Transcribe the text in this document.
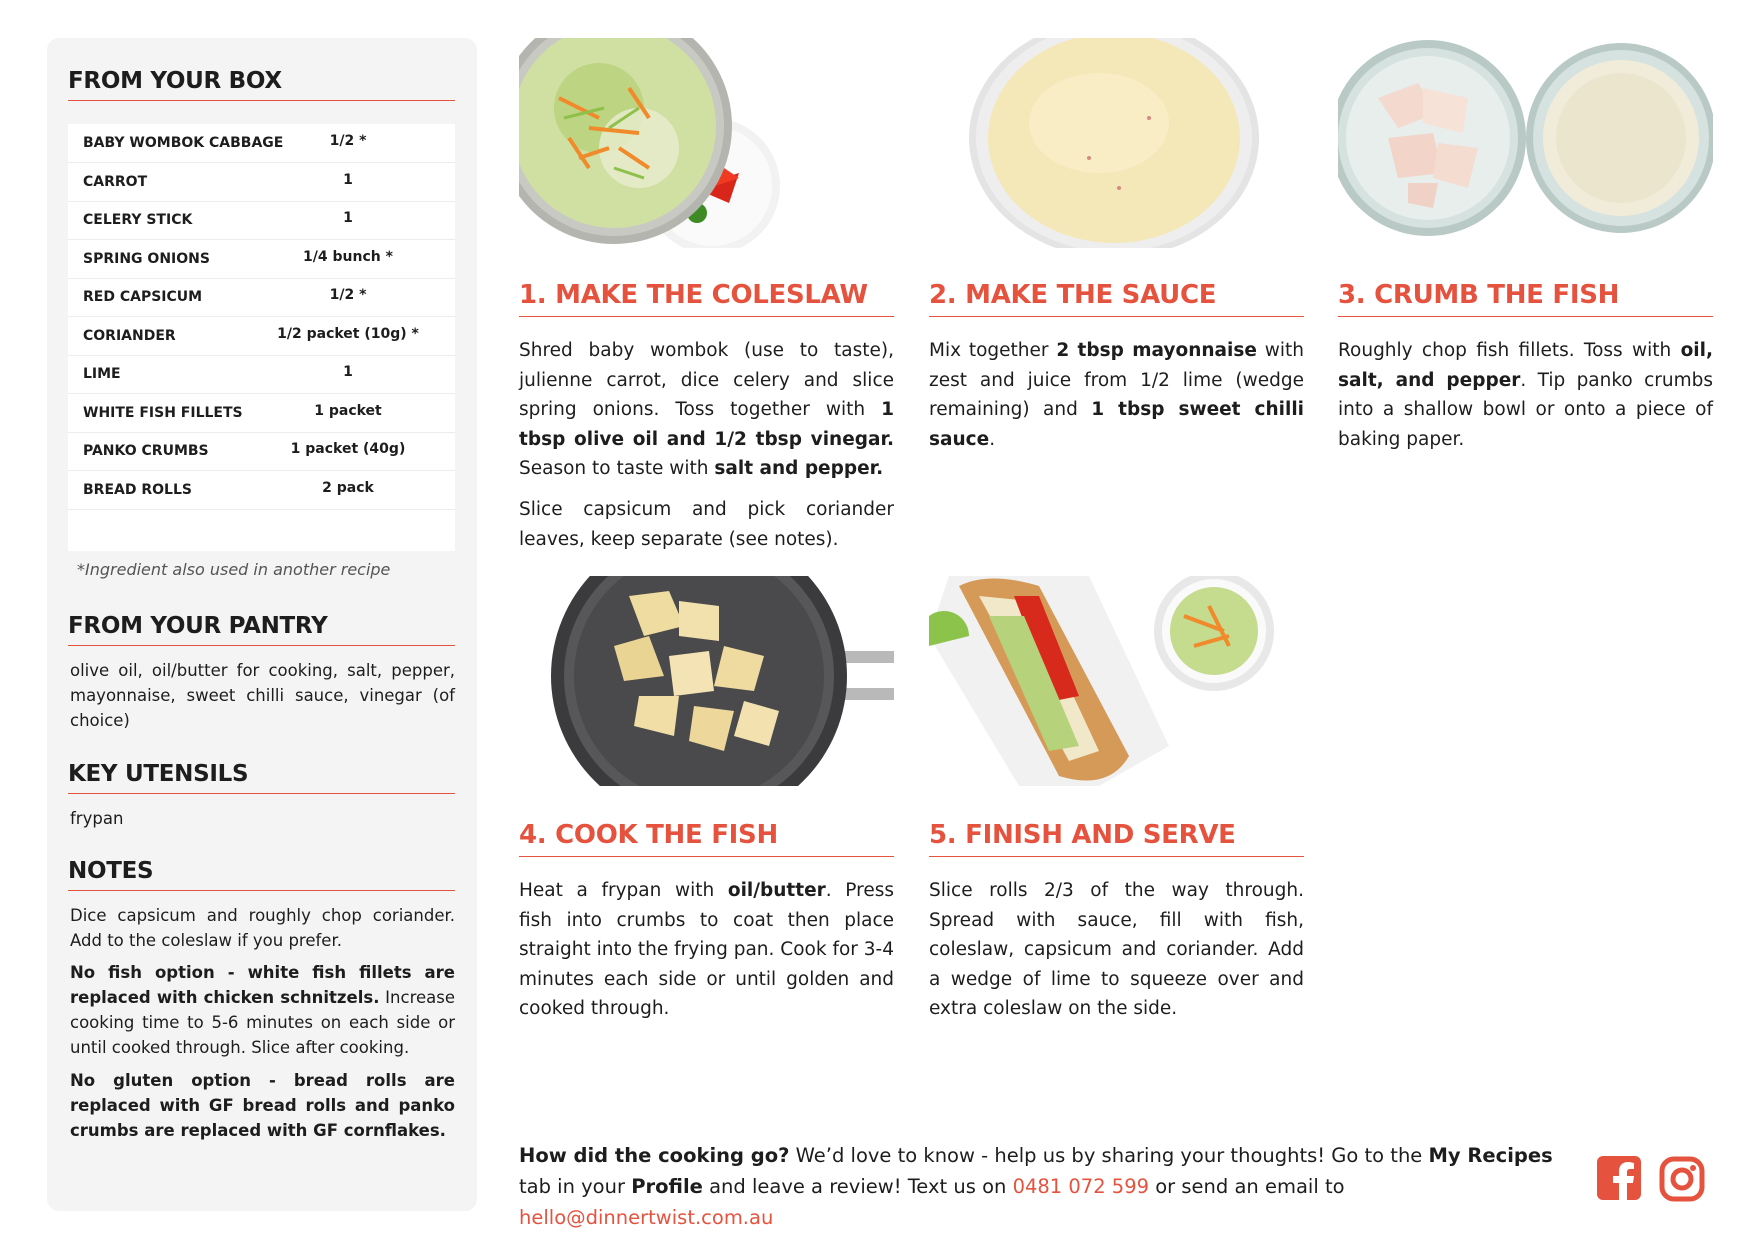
FROM YOUR BOX
BABY WOMBOK CABBAGE	1/2 *
CARROT	1
CELERY STICK	1
SPRING ONIONS	1/4 bunch *
RED CAPSICUM	1/2 *
CORIANDER	1/2 packet (10g) *
LIME	1
WHITE FISH FILLETS	1 packet
PANKO CRUMBS	1 packet (40g)
BREAD ROLLS	2 pack
*Ingredient also used in another recipe
FROM YOUR PANTRY

olive oil, oil/butter for cooking, salt, pepper, mayonnaise, sweet chilli sauce, vinegar (of choice)

KEY UTENSILS

frypan

NOTES

Dice capsicum and roughly chop coriander. Add to the coleslaw if you prefer.

No fish option - white fish fillets are replaced with chicken schnitzels. Increase cooking time to 5-6 minutes on each side or until cooked through. Slice after cooking.

No gluten option - bread rolls are replaced with GF bread rolls and panko crumbs are replaced with GF cornflakes.

1. MAKE THE COLESLAW

Shred baby wombok (use to taste), julienne carrot, dice celery and slice spring onions. Toss together with 1 tbsp olive oil and 1/2 tbsp vinegar. Season to taste with salt and pepper.

Slice capsicum and pick coriander leaves, keep separate (see notes).

2. MAKE THE SAUCE

Mix together 2 tbsp mayonnaise with zest and juice from 1/2 lime (wedge remaining) and 1 tbsp sweet chilli sauce.

3. CRUMB THE FISH

Roughly chop fish fillets. Toss with oil, salt, and pepper. Tip panko crumbs into a shallow bowl or onto a piece of baking paper.

4. COOK THE FISH

Heat a frypan with oil/butter. Press fish into crumbs to coat then place straight into the frying pan. Cook for 3-4 minutes each side or until golden and cooked through.

5. FINISH AND SERVE

Slice rolls 2/3 of the way through. Spread with sauce, fill with fish, coleslaw, capsicum and coriander. Add a wedge of lime to squeeze over and extra coleslaw on the side.

How did the cooking go? We’d love to know - help us by sharing your thoughts! Go to the My Recipes tab in your Profile and leave a review! Text us on 0481 072 599 or send an email to hello@dinnertwist.com.au
